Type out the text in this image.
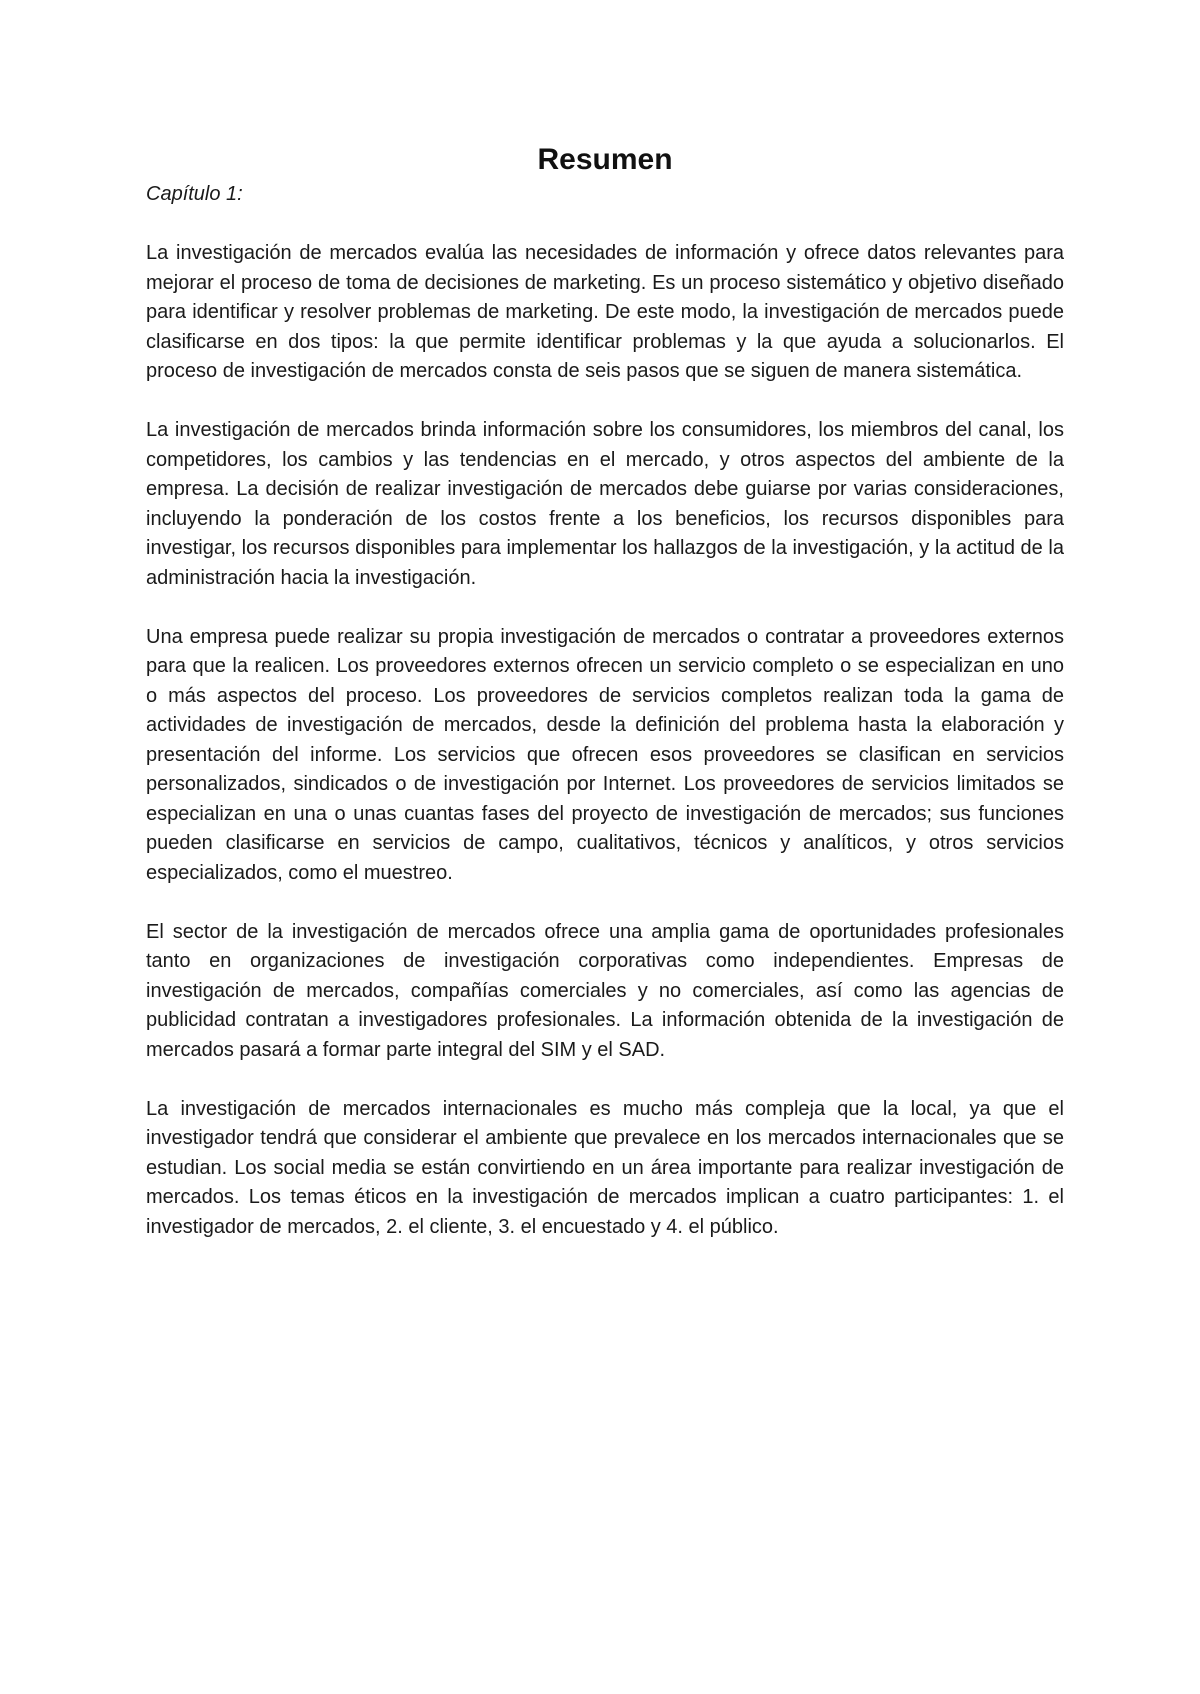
Resumen

Capítulo 1:

La investigación de mercados evalúa las necesidades de información y ofrece datos relevantes para mejorar el proceso de toma de decisiones de marketing. Es un proceso sistemático y objetivo diseñado para identificar y resolver problemas de marketing. De este modo, la investigación de mercados puede clasificarse en dos tipos: la que permite identificar problemas y la que ayuda a solucionarlos. El proceso de investigación de mercados consta de seis pasos que se siguen de manera sistemática.

La investigación de mercados brinda información sobre los consumidores, los miembros del canal, los competidores, los cambios y las tendencias en el mercado, y otros aspectos del ambiente de la empresa. La decisión de realizar investigación de mercados debe guiarse por varias consideraciones, incluyendo la ponderación de los costos frente a los beneficios, los recursos disponibles para investigar, los recursos disponibles para implementar los hallazgos de la investigación, y la actitud de la administración hacia la investigación.

Una empresa puede realizar su propia investigación de mercados o contratar a proveedores externos para que la realicen. Los proveedores externos ofrecen un servicio completo o se especializan en uno o más aspectos del proceso. Los proveedores de servicios completos realizan toda la gama de actividades de investigación de mercados, desde la definición del problema hasta la elaboración y presentación del informe. Los servicios que ofrecen esos proveedores se clasifican en servicios personalizados, sindicados o de investigación por Internet. Los proveedores de servicios limitados se especializan en una o unas cuantas fases del proyecto de investigación de mercados; sus funciones pueden clasificarse en servicios de campo, cualitativos, técnicos y analíticos, y otros servicios especializados, como el muestreo.

El sector de la investigación de mercados ofrece una amplia gama de oportunidades profesionales tanto en organizaciones de investigación corporativas como independientes. Empresas de investigación de mercados, compañías comerciales y no comerciales, así como las agencias de publicidad contratan a investigadores profesionales. La información obtenida de la investigación de mercados pasará a formar parte integral del SIM y el SAD.

La investigación de mercados internacionales es mucho más compleja que la local, ya que el investigador tendrá que considerar el ambiente que prevalece en los mercados internacionales que se estudian. Los social media se están convirtiendo en un área importante para realizar investigación de mercados. Los temas éticos en la investigación de mercados implican a cuatro participantes: 1. el investigador de mercados, 2. el cliente, 3. el encuestado y 4. el público.
